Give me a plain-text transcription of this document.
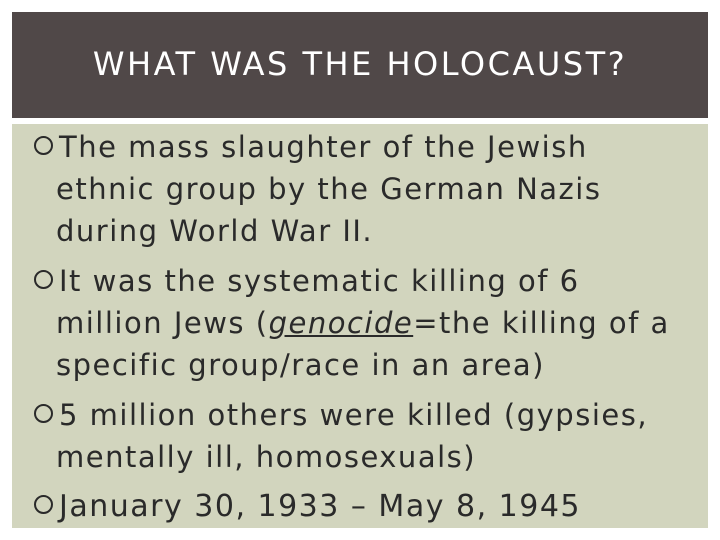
WHAT WAS THE HOLOCAUST?
The mass slaughter of the Jewish
ethnic group by the German Nazis
during World War II.
It was the systematic killing of 6
million Jews (genocide=the killing of a
specific group/race in an area)
5 million others were killed (gypsies,
mentally ill, homosexuals)
January 30, 1933 – May 8, 1945
